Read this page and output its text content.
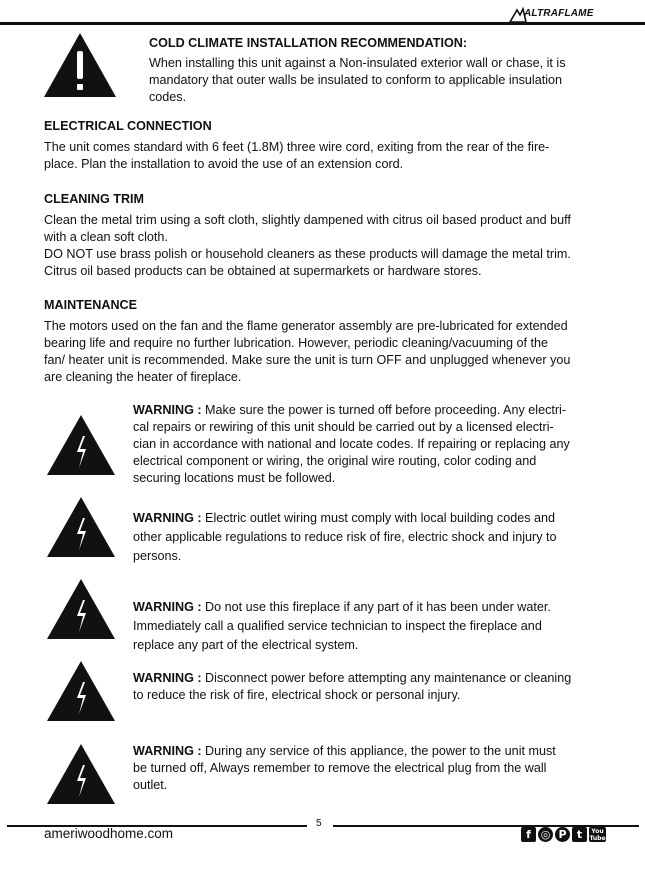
ALTRAFLAME

COLD CLIMATE INSTALLATION RECOMMENDATION:

When installing this unit against a Non-insulated exterior wall or chase, it is
mandatory that outer walls be insulated to conform to applicable insulation
codes.

ELECTRICAL CONNECTION

The unit comes standard with 6 feet (1.8M) three wire cord, exiting from the rear of the fire-
place. Plan the installation to avoid the use of an extension cord.

CLEANING TRIM

Clean the metal trim using a soft cloth, slightly dampened with citrus oil based product and buff
with a clean soft cloth.
DO NOT use brass polish or household cleaners as these products will damage the metal trim.
Citrus oil based products can be obtained at supermarkets or hardware stores.

MAINTENANCE

The motors used on the fan and the flame generator assembly are pre-lubricated for extended
bearing life and require no further lubrication. However, periodic cleaning/vacuuming of the
fan/ heater unit is recommended. Make sure the unit is turn OFF and unplugged whenever you
are cleaning the heater of fireplace.

WARNING : Make sure the power is turned off before proceeding. Any electri-
cal repairs or rewiring of this unit should be carried out by a licensed electri-
cian in accordance with national and locate codes. If repairing or replacing any
electrical component or wiring, the original wire routing, color coding and
securing locations must be followed.

WARNING : Electric outlet wiring must comply with local building codes and
other applicable regulations to reduce risk of fire, electric shock and injury to
persons.

WARNING : Do not use this fireplace if any part of it has been under water.
Immediately call a qualified service technician to inspect the fireplace and
replace any part of the electrical system.

WARNING : Disconnect power before attempting any maintenance or cleaning
to reduce the risk of fire, electrical shock or personal injury.

WARNING : During any service of this appliance, the power to the unit must
be turned off, Always remember to remove the electrical plug from the wall
outlet.

5
ameriwoodhome.com	f ◎ P t	You Tube
